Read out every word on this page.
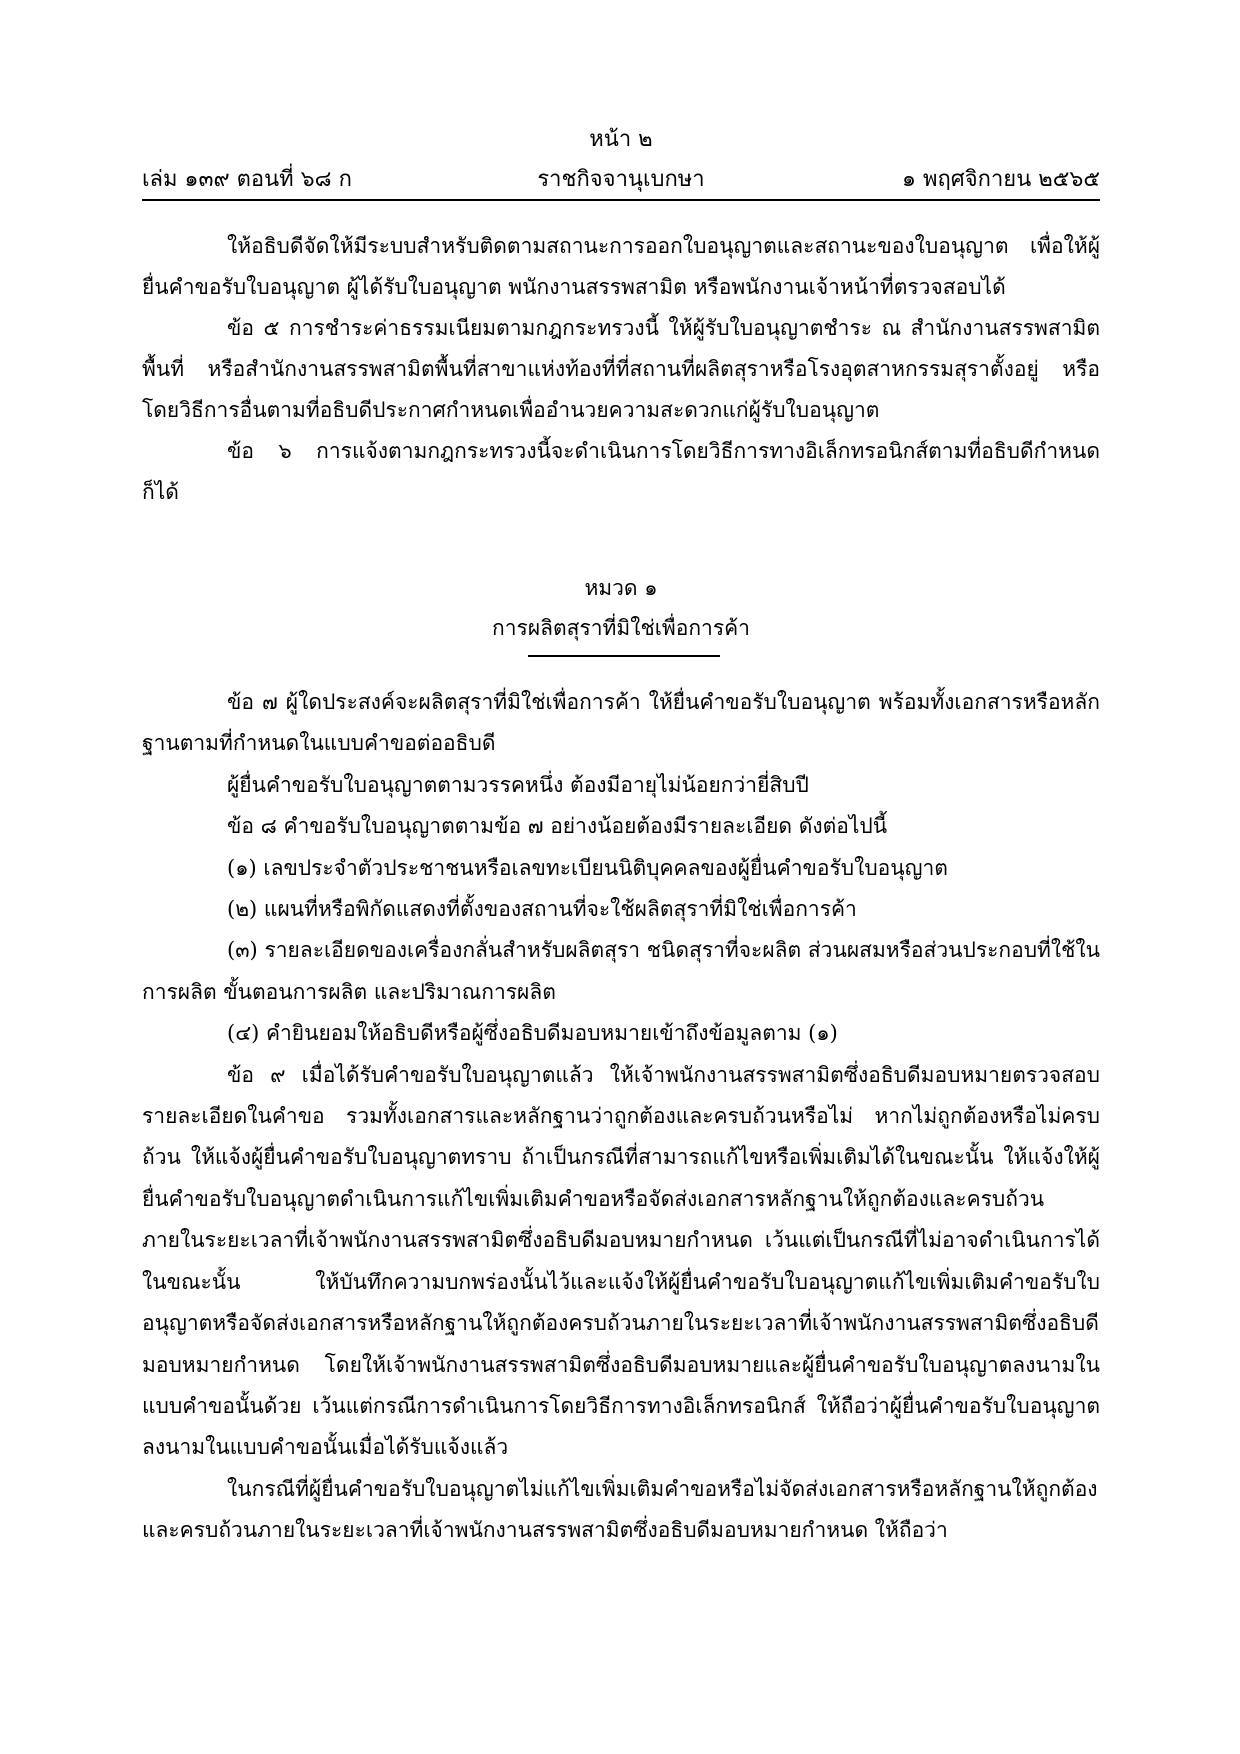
หน้า ๒
ราชกิจจานุเบกษา
เล่ม ๑๓๙ ตอนที่ ๖๘ ก	๑ พฤศจิกายน ๒๕๖๕

ให้อธิบดีจัดให้มีระบบสำหรับติดตามสถานะการออกใบอนุญาตและสถานะของใบอนุญาต เพื่อให้ผู้ยื่นคำขอรับใบอนุญาต ผู้ได้รับใบอนุญาต พนักงานสรรพสามิต หรือพนักงานเจ้าหน้าที่ตรวจสอบได้

ข้อ ๕ การชำระค่าธรรมเนียมตามกฎกระทรวงนี้ ให้ผู้รับใบอนุญาตชำระ ณ สำนักงานสรรพสามิตพื้นที่ หรือสำนักงานสรรพสามิตพื้นที่สาขาแห่งท้องที่ที่สถานที่ผลิตสุราหรือโรงอุตสาหกรรมสุราตั้งอยู่ หรือโดยวิธีการอื่นตามที่อธิบดีประกาศกำหนดเพื่ออำนวยความสะดวกแก่ผู้รับใบอนุญาต

ข้อ ๖ การแจ้งตามกฎกระทรวงนี้จะดำเนินการโดยวิธีการทางอิเล็กทรอนิกส์ตามที่อธิบดีกำหนดก็ได้

หมวด ๑
การผลิตสุราที่มิใช่เพื่อการค้า

ข้อ ๗ ผู้ใดประสงค์จะผลิตสุราที่มิใช่เพื่อการค้า ให้ยื่นคำขอรับใบอนุญาต พร้อมทั้งเอกสารหรือหลักฐานตามที่กำหนดในแบบคำขอต่ออธิบดี

ผู้ยื่นคำขอรับใบอนุญาตตามวรรคหนึ่ง ต้องมีอายุไม่น้อยกว่ายี่สิบปี

ข้อ ๘ คำขอรับใบอนุญาตตามข้อ ๗ อย่างน้อยต้องมีรายละเอียด ดังต่อไปนี้

(๑) เลขประจำตัวประชาชนหรือเลขทะเบียนนิติบุคคลของผู้ยื่นคำขอรับใบอนุญาต

(๒) แผนที่หรือพิกัดแสดงที่ตั้งของสถานที่จะใช้ผลิตสุราที่มิใช่เพื่อการค้า

(๓) รายละเอียดของเครื่องกลั่นสำหรับผลิตสุรา ชนิดสุราที่จะผลิต ส่วนผสมหรือส่วนประกอบที่ใช้ในการผลิต ขั้นตอนการผลิต และปริมาณการผลิต

(๔) คำยินยอมให้อธิบดีหรือผู้ซึ่งอธิบดีมอบหมายเข้าถึงข้อมูลตาม (๑)

ข้อ ๙ เมื่อได้รับคำขอรับใบอนุญาตแล้ว ให้เจ้าพนักงานสรรพสามิตซึ่งอธิบดีมอบหมายตรวจสอบรายละเอียดในคำขอ รวมทั้งเอกสารและหลักฐานว่าถูกต้องและครบถ้วนหรือไม่ หากไม่ถูกต้องหรือไม่ครบถ้วน ให้แจ้งผู้ยื่นคำขอรับใบอนุญาตทราบ ถ้าเป็นกรณีที่สามารถแก้ไขหรือเพิ่มเติมได้ในขณะนั้น ให้แจ้งให้ผู้ยื่นคำขอรับใบอนุญาตดำเนินการแก้ไขเพิ่มเติมคำขอหรือจัดส่งเอกสารหลักฐานให้ถูกต้องและครบถ้วนภายในระยะเวลาที่เจ้าพนักงานสรรพสามิตซึ่งอธิบดีมอบหมายกำหนด เว้นแต่เป็นกรณีที่ไม่อาจดำเนินการได้ในขณะนั้น ให้บันทึกความบกพร่องนั้นไว้และแจ้งให้ผู้ยื่นคำขอรับใบอนุญาตแก้ไขเพิ่มเติมคำขอรับใบอนุญาตหรือจัดส่งเอกสารหรือหลักฐานให้ถูกต้องครบถ้วนภายในระยะเวลาที่เจ้าพนักงานสรรพสามิตซึ่งอธิบดีมอบหมายกำหนด โดยให้เจ้าพนักงานสรรพสามิตซึ่งอธิบดีมอบหมายและผู้ยื่นคำขอรับใบอนุญาตลงนามในแบบคำขอนั้นด้วย เว้นแต่กรณีการดำเนินการโดยวิธีการทางอิเล็กทรอนิกส์ ให้ถือว่าผู้ยื่นคำขอรับใบอนุญาตลงนามในแบบคำขอนั้นเมื่อได้รับแจ้งแล้ว

ในกรณีที่ผู้ยื่นคำขอรับใบอนุญาตไม่แก้ไขเพิ่มเติมคำขอหรือไม่จัดส่งเอกสารหรือหลักฐานให้ถูกต้องและครบถ้วนภายในระยะเวลาที่เจ้าพนักงานสรรพสามิตซึ่งอธิบดีมอบหมายกำหนด ให้ถือว่า
